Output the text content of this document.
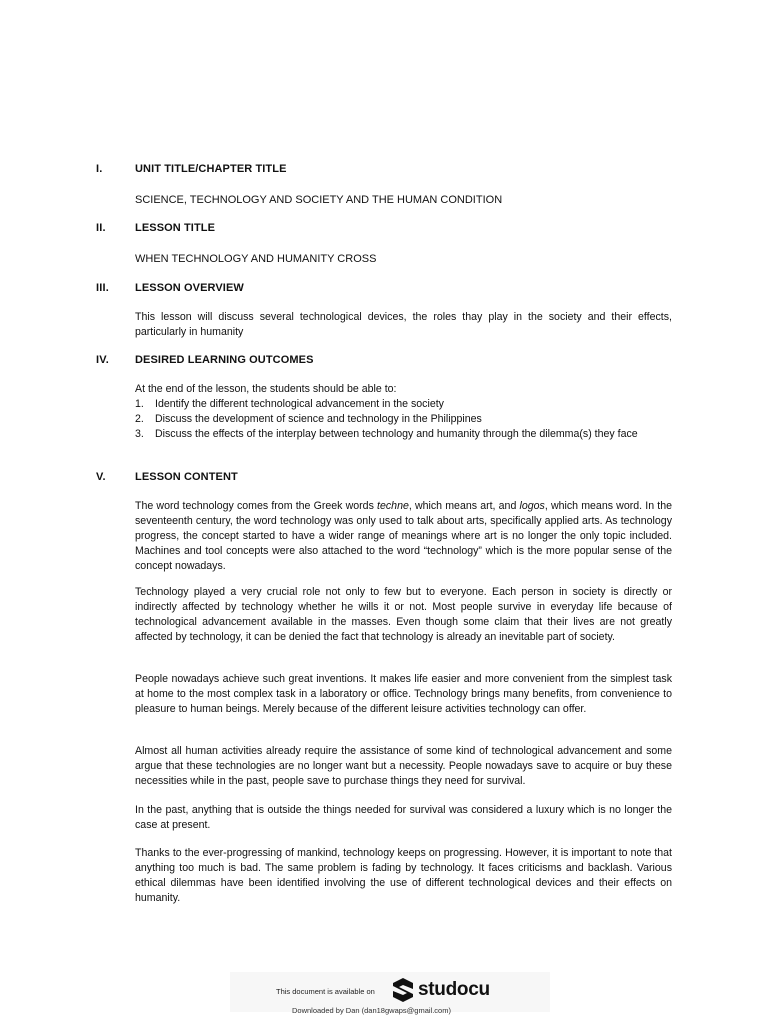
I.	UNIT TITLE/CHAPTER TITLE
SCIENCE, TECHNOLOGY AND SOCIETY AND THE HUMAN CONDITION
II.	LESSON TITLE
WHEN TECHNOLOGY AND HUMANITY CROSS
III. LESSON OVERVIEW
This lesson will discuss several technological devices, the roles thay play in the society and their effects, particularly in humanity
IV. DESIRED LEARNING OUTCOMES
At the end of the lesson, the students should be able to:
1.	Identify the different technological advancement in the society
2.	Discuss the development of science and technology in the Philippines
3.	Discuss the effects of the interplay between technology and humanity through the dilemma(s) they face
V.	LESSON CONTENT
The word technology comes from the Greek words techne, which means art, and logos, which means word. In the seventeenth century, the word technology was only used to talk about arts, specifically applied arts. As technology progress, the concept started to have a wider range of meanings where art is no longer the only topic included. Machines and tool concepts were also attached to the word “technology” which is the more popular sense of the concept nowadays.
Technology played a very crucial role not only to few but to everyone. Each person in society is directly or indirectly affected by technology whether he wills it or not. Most people survive in everyday life because of technological advancement available in the masses. Even though some claim that their lives are not greatly affected by technology, it can be denied the fact that technology is already an inevitable part of society.
People nowadays achieve such great inventions. It makes life easier and more convenient from the simplest task at home to the most complex task in a laboratory or office. Technology brings many benefits, from convenience to pleasure to human beings. Merely because of the different leisure activities technology can offer.
Almost all human activities already require the assistance of some kind of technological advancement and some argue that these technologies are no longer want but a necessity. People nowadays save to acquire or buy these necessities while in the past, people save to purchase things they need for survival.
In the past, anything that is outside the things needed for survival was considered a luxury which is no longer the case at present.
Thanks to the ever-progressing of mankind, technology keeps on progressing. However, it is important to note that anything too much is bad. The same problem is fading by technology. It faces criticisms and backlash. Various ethical dilemmas have been identified involving the use of different technological devices and their effects on humanity.
This document is available on studocu
Downloaded by Dan (dan18gwaps@gmail.com)
